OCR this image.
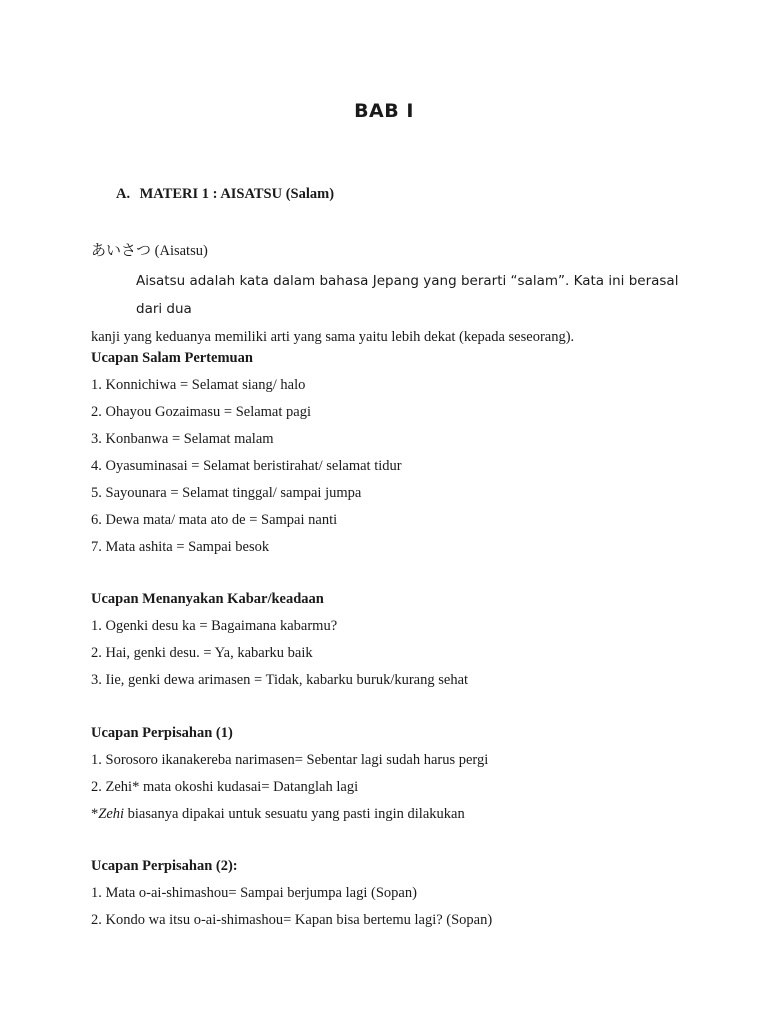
BAB I
A. MATERI 1 : AISATSU (Salam)
あいさつ (Aisatsu)
Aisatsu adalah kata dalam bahasa Jepang yang berarti “salam”. Kata ini berasal dari dua
kanji yang keduanya memiliki arti yang sama yaitu lebih dekat (kepada seseorang).
Ucapan Salam Pertemuan
1. Konnichiwa = Selamat siang/ halo
2. Ohayou Gozaimasu = Selamat pagi
3. Konbanwa = Selamat malam
4. Oyasuminasai = Selamat beristirahat/ selamat tidur
5. Sayounara = Selamat tinggal/ sampai jumpa
6. Dewa mata/ mata ato de = Sampai nanti
7. Mata ashita = Sampai besok
Ucapan Menanyakan Kabar/keadaan
1. Ogenki desu ka = Bagaimana kabarmu?
2. Hai, genki desu. = Ya, kabarku baik
3. Iie, genki dewa arimasen = Tidak, kabarku buruk/kurang sehat
Ucapan Perpisahan (1)
1. Sorosoro ikanakereba narimasen= Sebentar lagi sudah harus pergi
2. Zehi* mata okoshi kudasai= Datanglah lagi
*Zehi biasanya dipakai untuk sesuatu yang pasti ingin dilakukan
Ucapan Perpisahan (2):
1. Mata o-ai-shimashou= Sampai berjumpa lagi (Sopan)
2. Kondo wa itsu o-ai-shimashou= Kapan bisa bertemu lagi? (Sopan)
